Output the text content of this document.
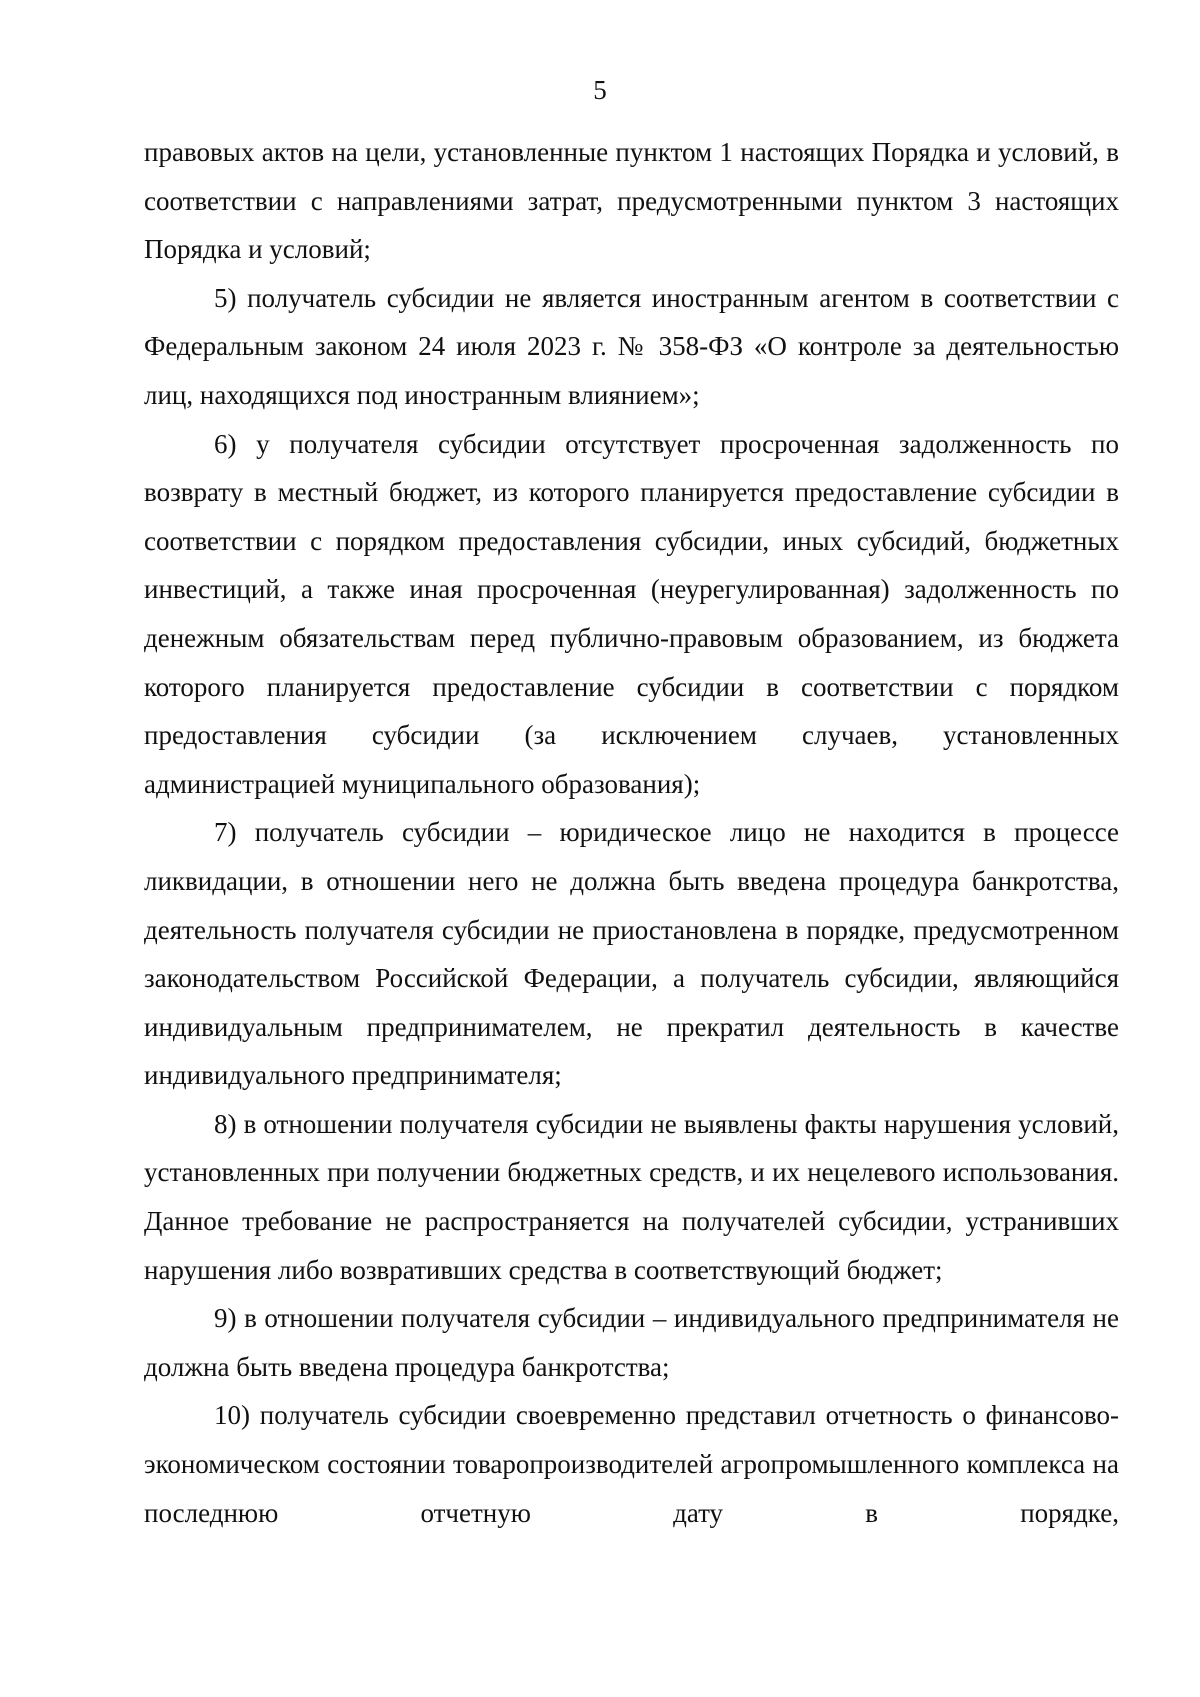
5

правовых актов на цели, установленные пунктом 1 настоящих Порядка и условий, в соответствии с направлениями затрат, предусмотренными пунктом 3 настоящих Порядка и условий;

5) получатель субсидии не является иностранным агентом в соответствии с Федеральным законом 24 июля 2023 г. № 358-ФЗ «О контроле за деятельностью лиц, находящихся под иностранным влиянием»;

6) у получателя субсидии отсутствует просроченная задолженность по возврату в местный бюджет, из которого планируется предоставление субсидии в соответствии с порядком предоставления субсидии, иных субсидий, бюджетных инвестиций, а также иная просроченная (неурегулированная) задолженность по денежным обязательствам перед публично-правовым образованием, из бюджета которого планируется предоставление субсидии в соответствии с порядком предоставления субсидии (за исключением случаев, установленных администрацией муниципального образования);

7) получатель субсидии – юридическое лицо не находится в процессе ликвидации, в отношении него не должна быть введена процедура банкротства, деятельность получателя субсидии не приостановлена в порядке, предусмотренном законодательством Российской Федерации, а получатель субсидии, являющийся индивидуальным предпринимателем, не прекратил деятельность в качестве индивидуального предпринимателя;

8) в отношении получателя субсидии не выявлены факты нарушения условий, установленных при получении бюджетных средств, и их нецелевого использования. Данное требование не распространяется на получателей субсидии, устранивших нарушения либо возвративших средства в соответствующий бюджет;

9) в отношении получателя субсидии – индивидуального предпринимателя не должна быть введена процедура банкротства;

10) получатель субсидии своевременно представил отчетность о финансово-экономическом состоянии товаропроизводителей агропромышленного комплекса на последнюю отчетную дату в порядке,
